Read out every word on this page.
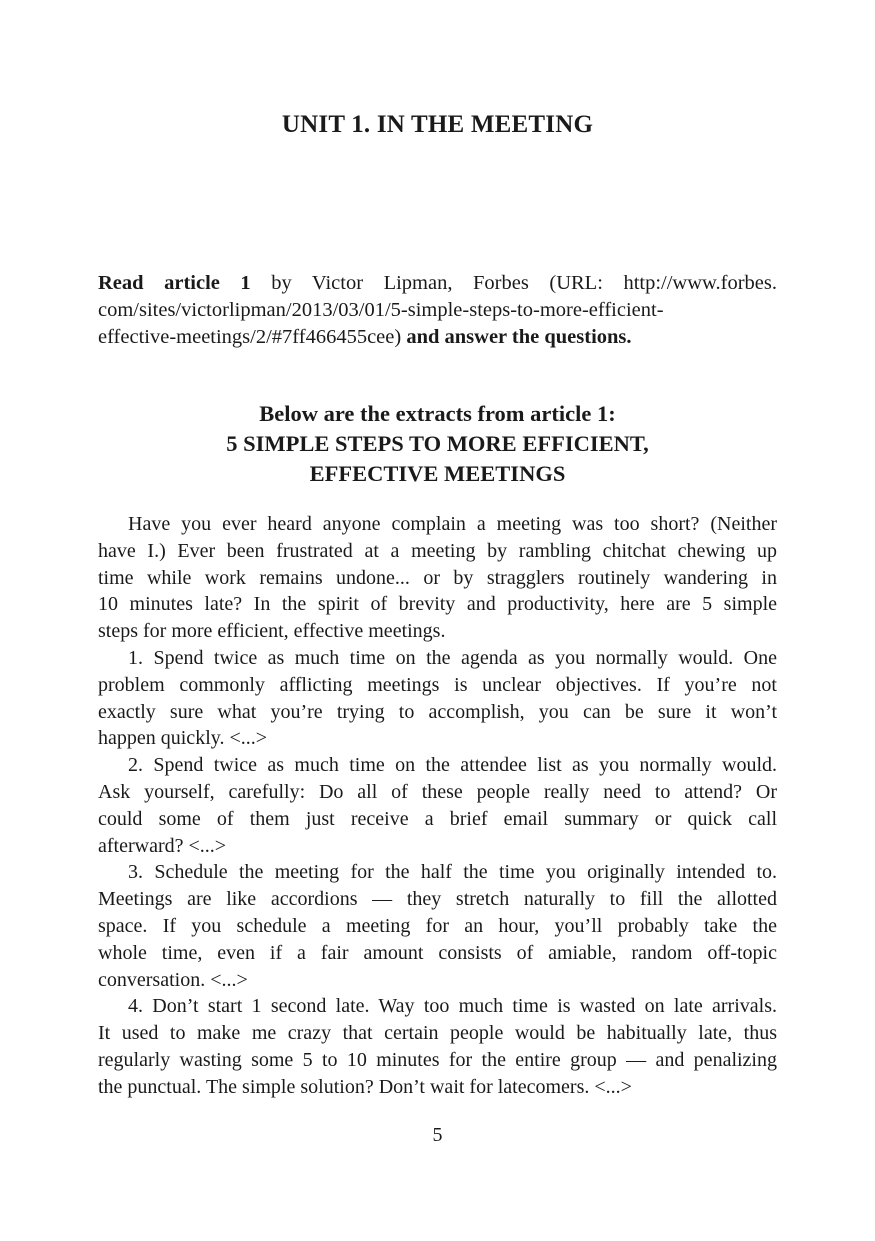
UNIT 1. IN THE MEETING

Read article 1 by Victor Lipman, Forbes (URL: http://www.forbes.
com/sites/victorlipman/2013/03/01/5-simple-steps-to-more-efficient-
effective-meetings/2/#7ff466455cee) and answer the questions.

Below are the extracts from article 1:
5 SIMPLE STEPS TO MORE EFFICIENT,
EFFECTIVE MEETINGS

Have you ever heard anyone complain a meeting was too short? (Neither
have I.) Ever been frustrated at a meeting by rambling chitchat chewing up
time while work remains undone... or by stragglers routinely wandering in
10 minutes late? In the spirit of brevity and productivity, here are 5 simple
steps for more efficient, effective meetings.

1. Spend twice as much time on the agenda as you normally would. One
problem commonly afflicting meetings is unclear objectives. If you’re not
exactly sure what you’re trying to accomplish, you can be sure it won’t
happen quickly. <...>

2. Spend twice as much time on the attendee list as you normally would.
Ask yourself, carefully: Do all of these people really need to attend? Or
could some of them just receive a brief email summary or quick call
afterward? <...>

3. Schedule the meeting for the half the time you originally intended to.
Meetings are like accordions — they stretch naturally to fill the allotted
space. If you schedule a meeting for an hour, you’ll probably take the
whole time, even if a fair amount consists of amiable, random off-topic
conversation. <...>

4. Don’t start 1 second late. Way too much time is wasted on late arrivals.
It used to make me crazy that certain people would be habitually late, thus
regularly wasting some 5 to 10 minutes for the entire group — and penalizing
the punctual. The simple solution? Don’t wait for latecomers. <...>

5
